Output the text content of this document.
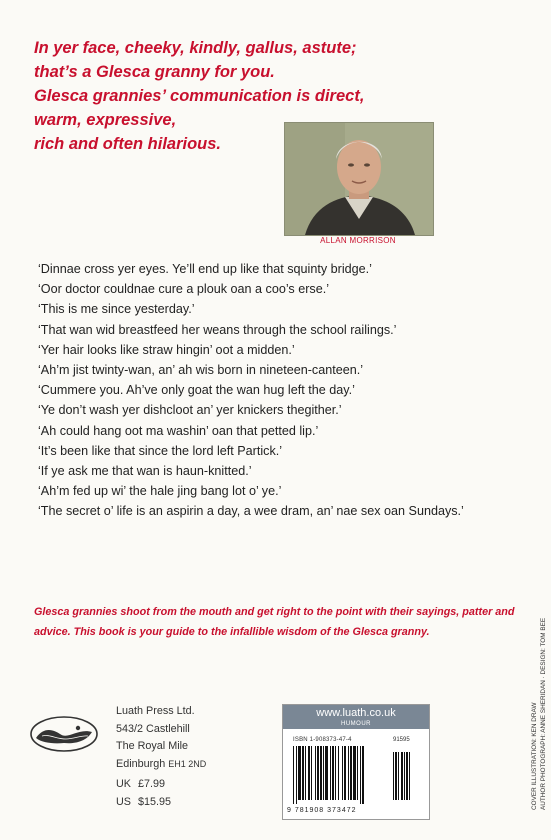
In yer face, cheeky, kindly, gallus, astute;
that’s a Glesca granny for you.
Glesca grannies’ communication is direct,
warm, expressive,
rich and often hilarious.
ALLAN MORRISON
‘Dinnae cross yer eyes. Ye’ll end up like that squinty bridge.’
‘Oor doctor couldnae cure a plouk oan a coo’s erse.’
‘This is me since yesterday.’
‘That wan wid breastfeed her weans through the school railings.’
‘Yer hair looks like straw hingin’ oot a midden.’
‘Ah’m jist twinty-wan, an’ ah wis born in nineteen-canteen.’
‘Cummere you. Ah’ve only goat the wan hug left the day.’
‘Ye don’t wash yer dishcloot an’ yer knickers thegither.’
‘Ah could hang oot ma washin’ oan that petted lip.’
‘It’s been like that since the lord left Partick.’
‘If ye ask me that wan is haun-knitted.’
‘Ah’m fed up wi’ the hale jing bang lot o’ ye.’
‘The secret o’ life is an aspirin a day, a wee dram, an’ nae sex oan Sundays.’
Glesca grannies shoot from the mouth and get right to the point with their sayings, patter and advice. This book is your guide to the infallible wisdom of the Glesca granny.
Luath Press Ltd.
543/2 Castlehill
The Royal Mile
Edinburgh EH1 2ND
UK £7.99
US $15.95
www.luath.co.uk
HUMOUR
ISBN 1-908373-47-4	91595
9 781908 373472
COVER ILLUSTRATION: KEN DRAW AUTHOR PHOTOGRAPH: ANNE SHERIDAN · DESIGN: TOM BEE
